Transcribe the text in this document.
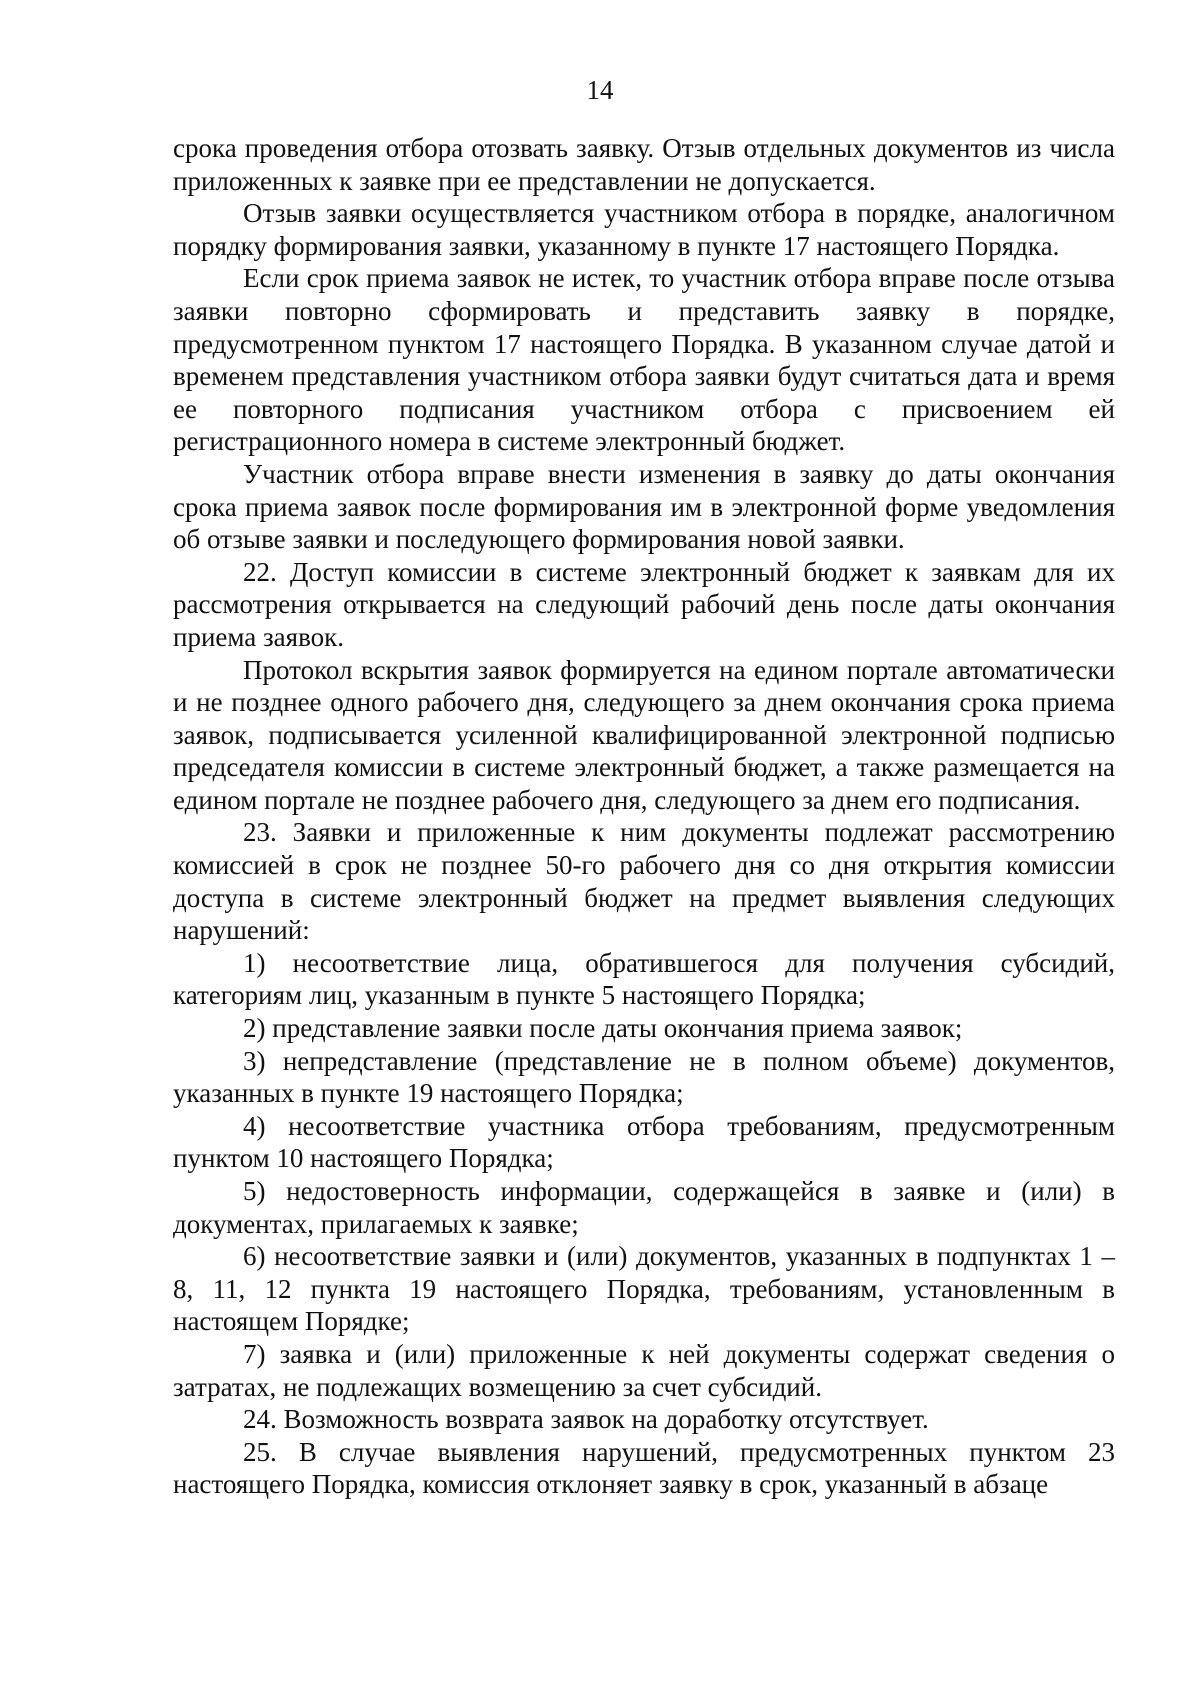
14

срока проведения отбора отозвать заявку. Отзыв отдельных документов из числа приложенных к заявке при ее представлении не допускается.

Отзыв заявки осуществляется участником отбора в порядке, аналогичном порядку формирования заявки, указанному в пункте 17 настоящего Порядка.

Если срок приема заявок не истек, то участник отбора вправе после отзыва заявки повторно сформировать и представить заявку в порядке, предусмотренном пунктом 17 настоящего Порядка. В указанном случае датой и временем представления участником отбора заявки будут считаться дата и время ее повторного подписания участником отбора с присвоением ей регистрационного номера в системе электронный бюджет.

Участник отбора вправе внести изменения в заявку до даты окончания срока приема заявок после формирования им в электронной форме уведомления об отзыве заявки и последующего формирования новой заявки.

22. Доступ комиссии в системе электронный бюджет к заявкам для их рассмотрения открывается на следующий рабочий день после даты окончания приема заявок.

Протокол вскрытия заявок формируется на едином портале автоматически и не позднее одного рабочего дня, следующего за днем окончания срока приема заявок, подписывается усиленной квалифицированной электронной подписью председателя комиссии в системе электронный бюджет, а также размещается на едином портале не позднее рабочего дня, следующего за днем его подписания.

23. Заявки и приложенные к ним документы подлежат рассмотрению комиссией в срок не позднее 50-го рабочего дня со дня открытия комиссии доступа в системе электронный бюджет на предмет выявления следующих нарушений:

1) несоответствие лица, обратившегося для получения субсидий, категориям лиц, указанным в пункте 5 настоящего Порядка;

2) представление заявки после даты окончания приема заявок;

3) непредставление (представление не в полном объеме) документов, указанных в пункте 19 настоящего Порядка;

4) несоответствие участника отбора требованиям, предусмотренным пунктом 10 настоящего Порядка;

5) недостоверность информации, содержащейся в заявке и (или) в документах, прилагаемых к заявке;

6) несоответствие заявки и (или) документов, указанных в подпунктах 1 – 8, 11, 12 пункта 19 настоящего Порядка, требованиям, установленным в настоящем Порядке;

7) заявка и (или) приложенные к ней документы содержат сведения о затратах, не подлежащих возмещению за счет субсидий.

24. Возможность возврата заявок на доработку отсутствует.

25. В случае выявления нарушений, предусмотренных пунктом 23 настоящего Порядка, комиссия отклоняет заявку в срок, указанный в абзаце
